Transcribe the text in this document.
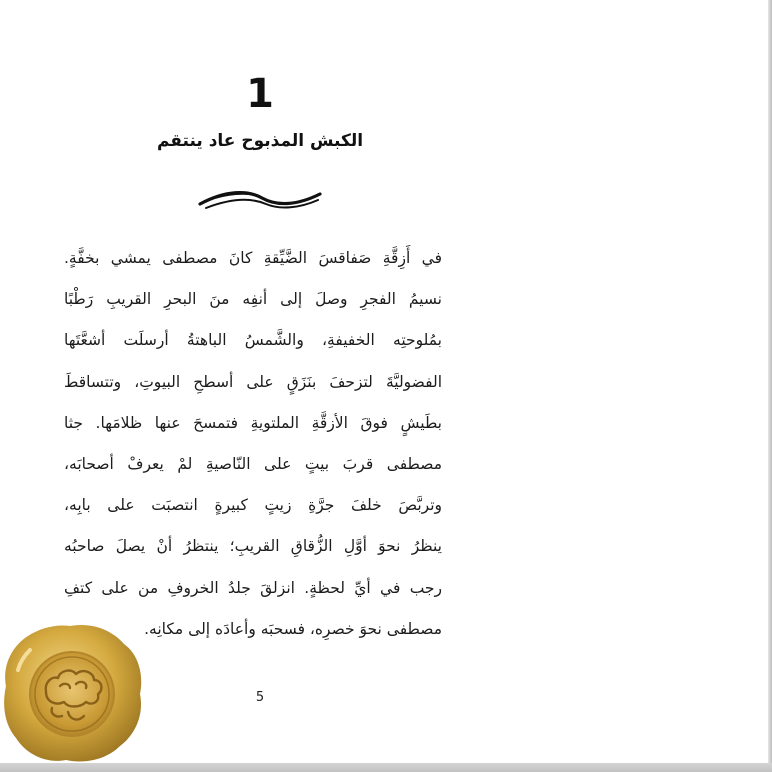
1
الكبش المذبوح عاد ينتقم
في أَزِقَّةِ صَفاقسَ الضَّيِّقةِ كانَ مصطفى يمشي بخفَّةٍ.
نسيمُ الفجرِ وصلَ إلى أنفِه منَ البحرِ القريبِ رَطْبًا
بمُلوحتِه الخفيفةِ، والشَّمسُ الباهتةُ أرسلَت أشعَّتَها
الفضوليَّةَ لتزحفَ بنَزَقٍ على أسطحِ البيوتِ، وتتساقطَ
بطَيشٍ فوقَ الأزقَّةِ الملتويةِ فتمسحَ عنها ظلامَها. جثا
مصطفى قربَ بيتٍ على النّاصيةِ لمْ يعرفْ أصحابَه،
وتربَّصَ خلفَ جرَّةِ زيتٍ كبيرةٍ انتصبَت على بابِه،
ينظرُ نحوَ أوَّلِ الزُّقاقِ القريبِ؛ ينتظرُ أنْ يصلَ صاحبُه
رجب في أيِّ لحظةٍ. انزلقَ جلدُ الخروفِ من على كتفِ
مصطفى نحوَ خصرِه، فسحبَه وأعادَه إلى مكانِه.
5
